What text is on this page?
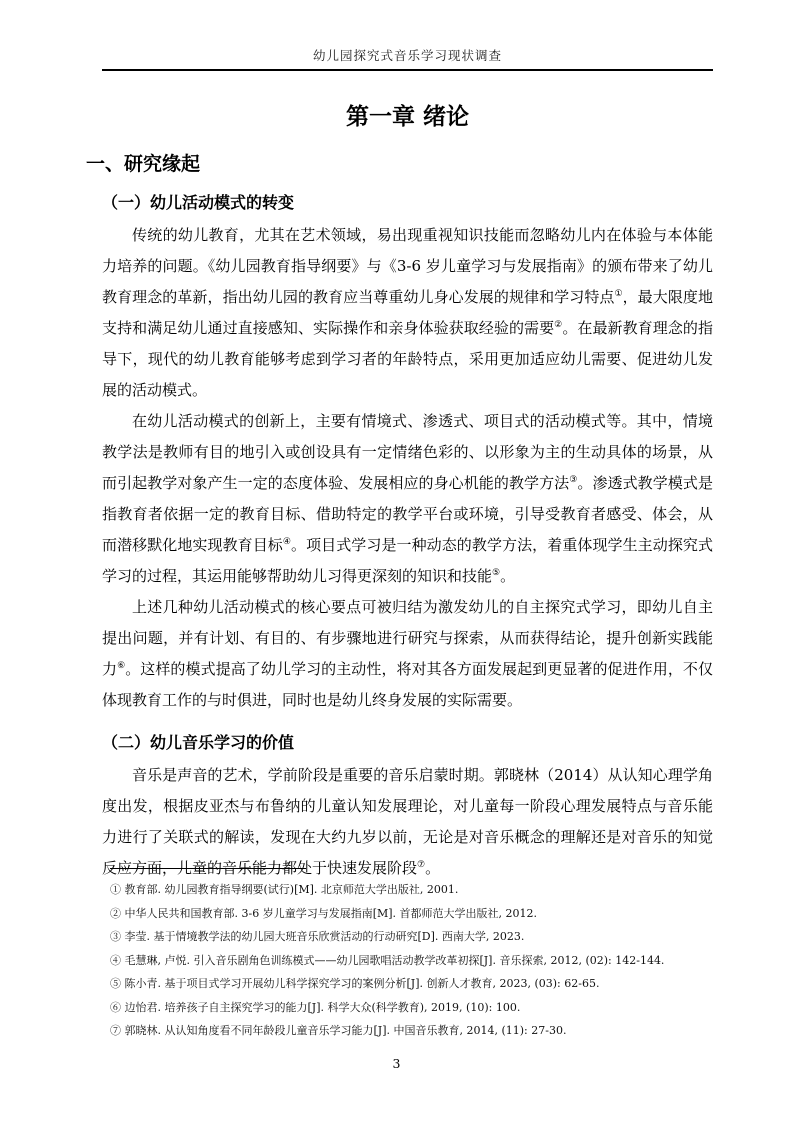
幼儿园探究式音乐学习现状调查
第一章 绪论
一、研究缘起
（一）幼儿活动模式的转变

传统的幼儿教育，尤其在艺术领域，易出现重视知识技能而忽略幼儿内在体验与本体能力培养的问题。《幼儿园教育指导纲要》与《3-6 岁儿童学习与发展指南》的颁布带来了幼儿教育理念的革新，指出幼儿园的教育应当尊重幼儿身心发展的规律和学习特点①，最大限度地支持和满足幼儿通过直接感知、实际操作和亲身体验获取经验的需要②。在最新教育理念的指导下，现代的幼儿教育能够考虑到学习者的年龄特点，采用更加适应幼儿需要、促进幼儿发展的活动模式。

在幼儿活动模式的创新上，主要有情境式、渗透式、项目式的活动模式等。其中，情境教学法是教师有目的地引入或创设具有一定情绪色彩的、以形象为主的生动具体的场景，从而引起教学对象产生一定的态度体验、发展相应的身心机能的教学方法③。渗透式教学模式是指教育者依据一定的教育目标、借助特定的教学平台或环境，引导受教育者感受、体会，从而潜移默化地实现教育目标④。项目式学习是一种动态的教学方法，着重体现学生主动探究式学习的过程，其运用能够帮助幼儿习得更深刻的知识和技能⑤。

上述几种幼儿活动模式的核心要点可被归结为激发幼儿的自主探究式学习，即幼儿自主提出问题，并有计划、有目的、有步骤地进行研究与探索，从而获得结论，提升创新实践能力⑥。这样的模式提高了幼儿学习的主动性，将对其各方面发展起到更显著的促进作用，不仅体现教育工作的与时俱进，同时也是幼儿终身发展的实际需要。

（二）幼儿音乐学习的价值

音乐是声音的艺术，学前阶段是重要的音乐启蒙时期。郭晓林（2014）从认知心理学角度出发，根据皮亚杰与布鲁纳的儿童认知发展理论，对儿童每一阶段心理发展特点与音乐能力进行了关联式的解读，发现在大约九岁以前，无论是对音乐概念的理解还是对音乐的知觉反应方面，儿童的音乐能力都处于快速发展阶段⑦。

① 教育部. 幼儿园教育指导纲要(试行)[M]. 北京师范大学出版社, 2001.
② 中华人民共和国教育部. 3-6 岁儿童学习与发展指南[M]. 首都师范大学出版社, 2012.
③ 李莹. 基于情境教学法的幼儿园大班音乐欣赏活动的行动研究[D]. 西南大学, 2023.
④ 毛慧琳, 卢悦. 引入音乐剧角色训练模式——幼儿园歌唱活动教学改革初探[J]. 音乐探索, 2012, (02): 142-144.
⑤ 陈小青. 基于项目式学习开展幼儿科学探究学习的案例分析[J]. 创新人才教育, 2023, (03): 62-65.
⑥ 边怡君. 培养孩子自主探究学习的能力[J]. 科学大众(科学教育), 2019, (10): 100.
⑦ 郭晓林. 从认知角度看不同年龄段儿童音乐学习能力[J]. 中国音乐教育, 2014, (11): 27-30.
3
